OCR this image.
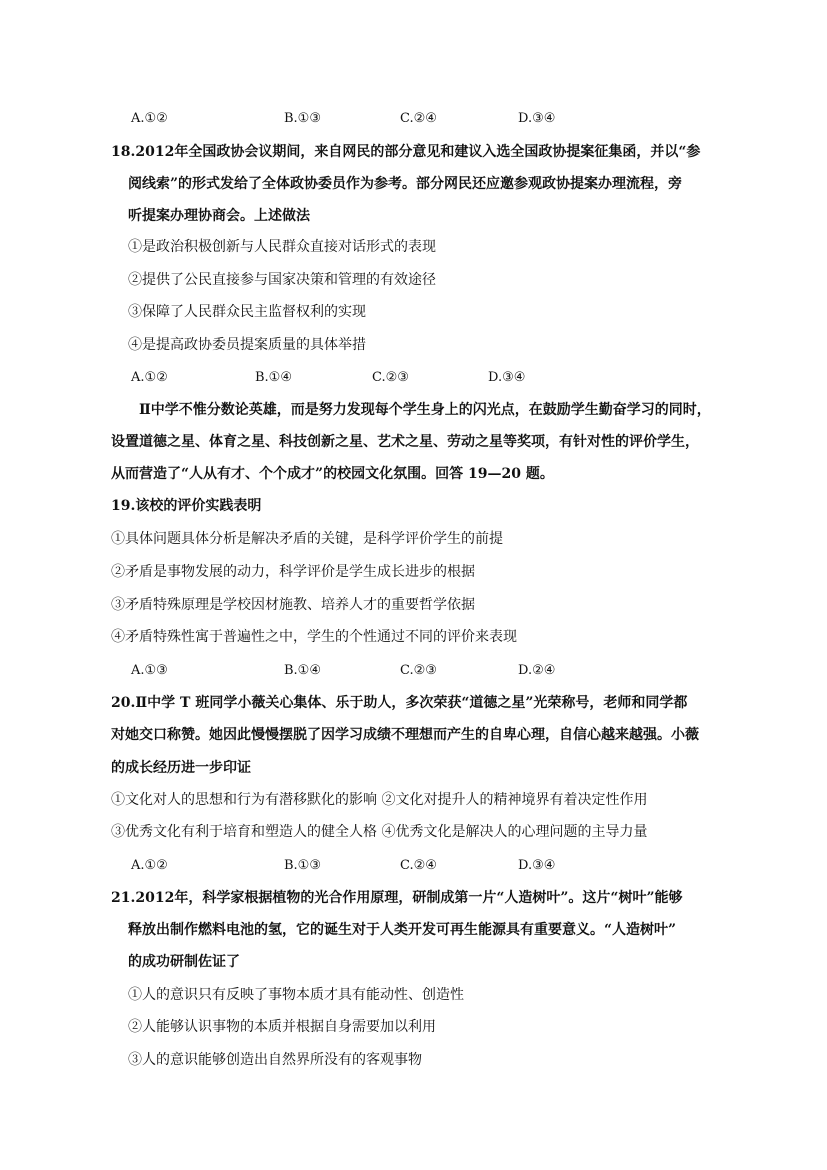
A.①②	B.①③	C.②④	D.③④
18.2012年全国政协会议期间，来自网民的部分意见和建议入选全国政协提案征集函，并以“参
阅线索”的形式发给了全体政协委员作为参考。部分网民还应邀参观政协提案办理流程，旁
听提案办理协商会。上述做法
①是政治积极创新与人民群众直接对话形式的表现
②提供了公民直接参与国家决策和管理的有效途径
③保障了人民群众民主监督权利的实现
④是提高政协委员提案质量的具体举措
A.①②	B.①④	C.②③	D.③④
Ⅱ中学不惟分数论英雄，而是努力发现每个学生身上的闪光点，在鼓励学生勤奋学习的同时，
设置道德之星、体育之星、科技创新之星、艺术之星、劳动之星等奖项，有针对性的评价学生，
从而营造了“人从有才、个个成才”的校园文化氛围。回答 19—20 题。
19.该校的评价实践表明
①具体问题具体分析是解决矛盾的关键，是科学评价学生的前提
②矛盾是事物发展的动力，科学评价是学生成长进步的根据
③矛盾特殊原理是学校因材施教、培养人才的重要哲学依据
④矛盾特殊性寓于普遍性之中，学生的个性通过不同的评价来表现
A.①③	B.①④	C.②③	D.②④
20.Ⅱ中学 T 班同学小薇关心集体、乐于助人，多次荣获“道德之星”光荣称号，老师和同学都
对她交口称赞。她因此慢慢摆脱了因学习成绩不理想而产生的自卑心理，自信心越来越强。小薇
的成长经历进一步印证
①文化对人的思想和行为有潜移默化的影响 ②文化对提升人的精神境界有着决定性作用
③优秀文化有利于培育和塑造人的健全人格 ④优秀文化是解决人的心理问题的主导力量
A.①②	B.①③	C.②④	D.③④
21.2012年，科学家根据植物的光合作用原理，研制成第一片“人造树叶”。这片“树叶”能够
释放出制作燃料电池的氢，它的诞生对于人类开发可再生能源具有重要意义。“人造树叶”
的成功研制佐证了
①人的意识只有反映了事物本质才具有能动性、创造性
②人能够认识事物的本质并根据自身需要加以利用
③人的意识能够创造出自然界所没有的客观事物
